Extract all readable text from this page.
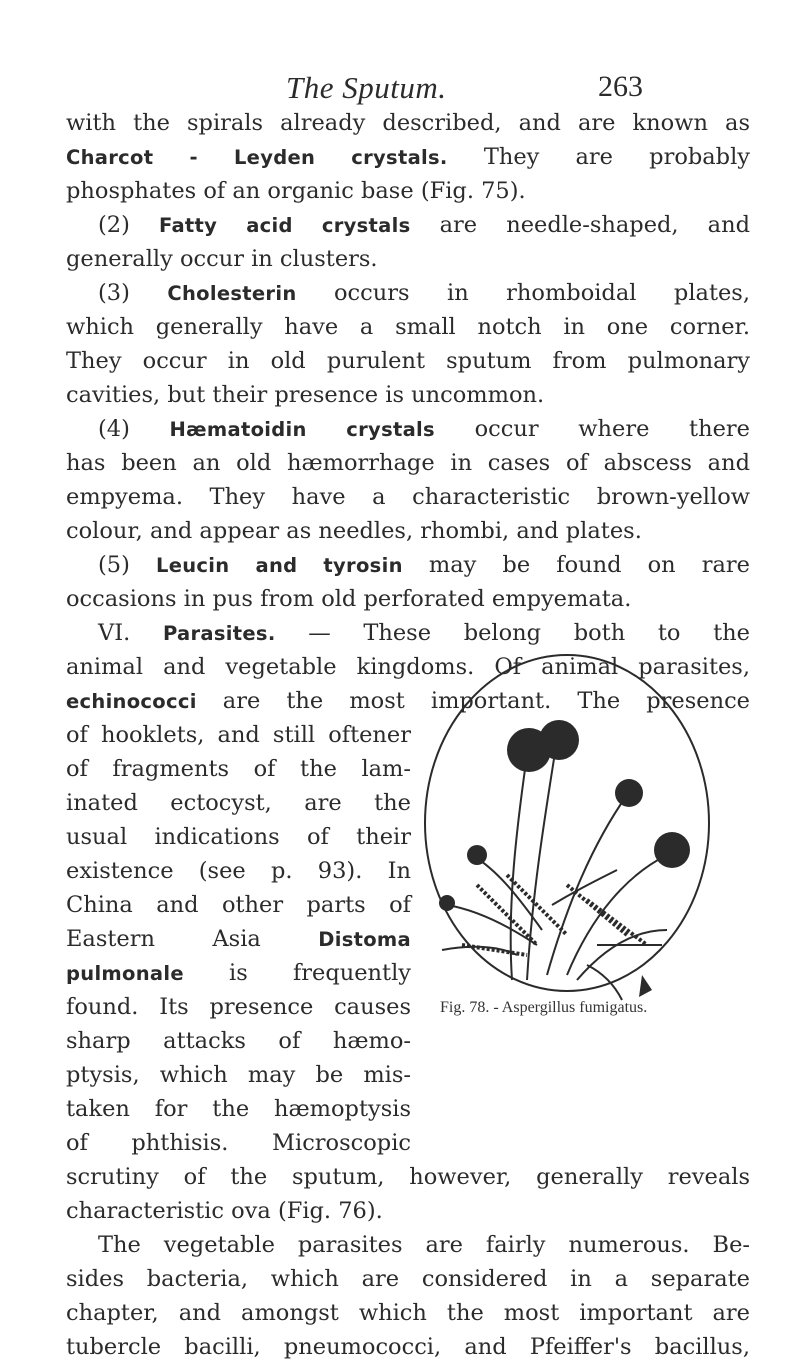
The Sputum.	263
with the spirals already described, and are known as
Charcot - Leyden crystals. They are probably
phosphates of an organic base (Fig. 75).
(2) Fatty acid crystals are needle-shaped, and
generally occur in clusters.
(3) Cholesterin occurs in rhomboidal plates,
which generally have a small notch in one corner.
They occur in old purulent sputum from pulmonary
cavities, but their presence is uncommon.
(4) Hæmatoidin crystals occur where there
has been an old hæmorrhage in cases of abscess and
empyema. They have a characteristic brown-yellow
colour, and appear as needles, rhombi, and plates.
(5) Leucin and tyrosin may be found on rare
occasions in pus from old perforated empyemata.
VI. Parasites. — These belong both to the
animal and vegetable kingdoms. Of animal parasites,
echinococci are the most important. The presence
of hooklets, and still oftener
of fragments of the lam-
inated ectocyst, are the
usual indications of their
existence (see p. 93). In
China and other parts of
Eastern Asia Distoma
pulmonale is frequently
found. Its presence causes
sharp attacks of hæmo-
ptysis, which may be mis-
taken for the hæmoptysis
of phthisis. Microscopic
scrutiny of the sputum, however, generally reveals
characteristic ova (Fig. 76).
The vegetable parasites are fairly numerous. Be-
sides bacteria, which are considered in a separate
chapter, and amongst which the most important are
tubercle bacilli, pneumococci, and Pfeiffer's bacillus,
Fig. 78. - Aspergillus fumigatus.
